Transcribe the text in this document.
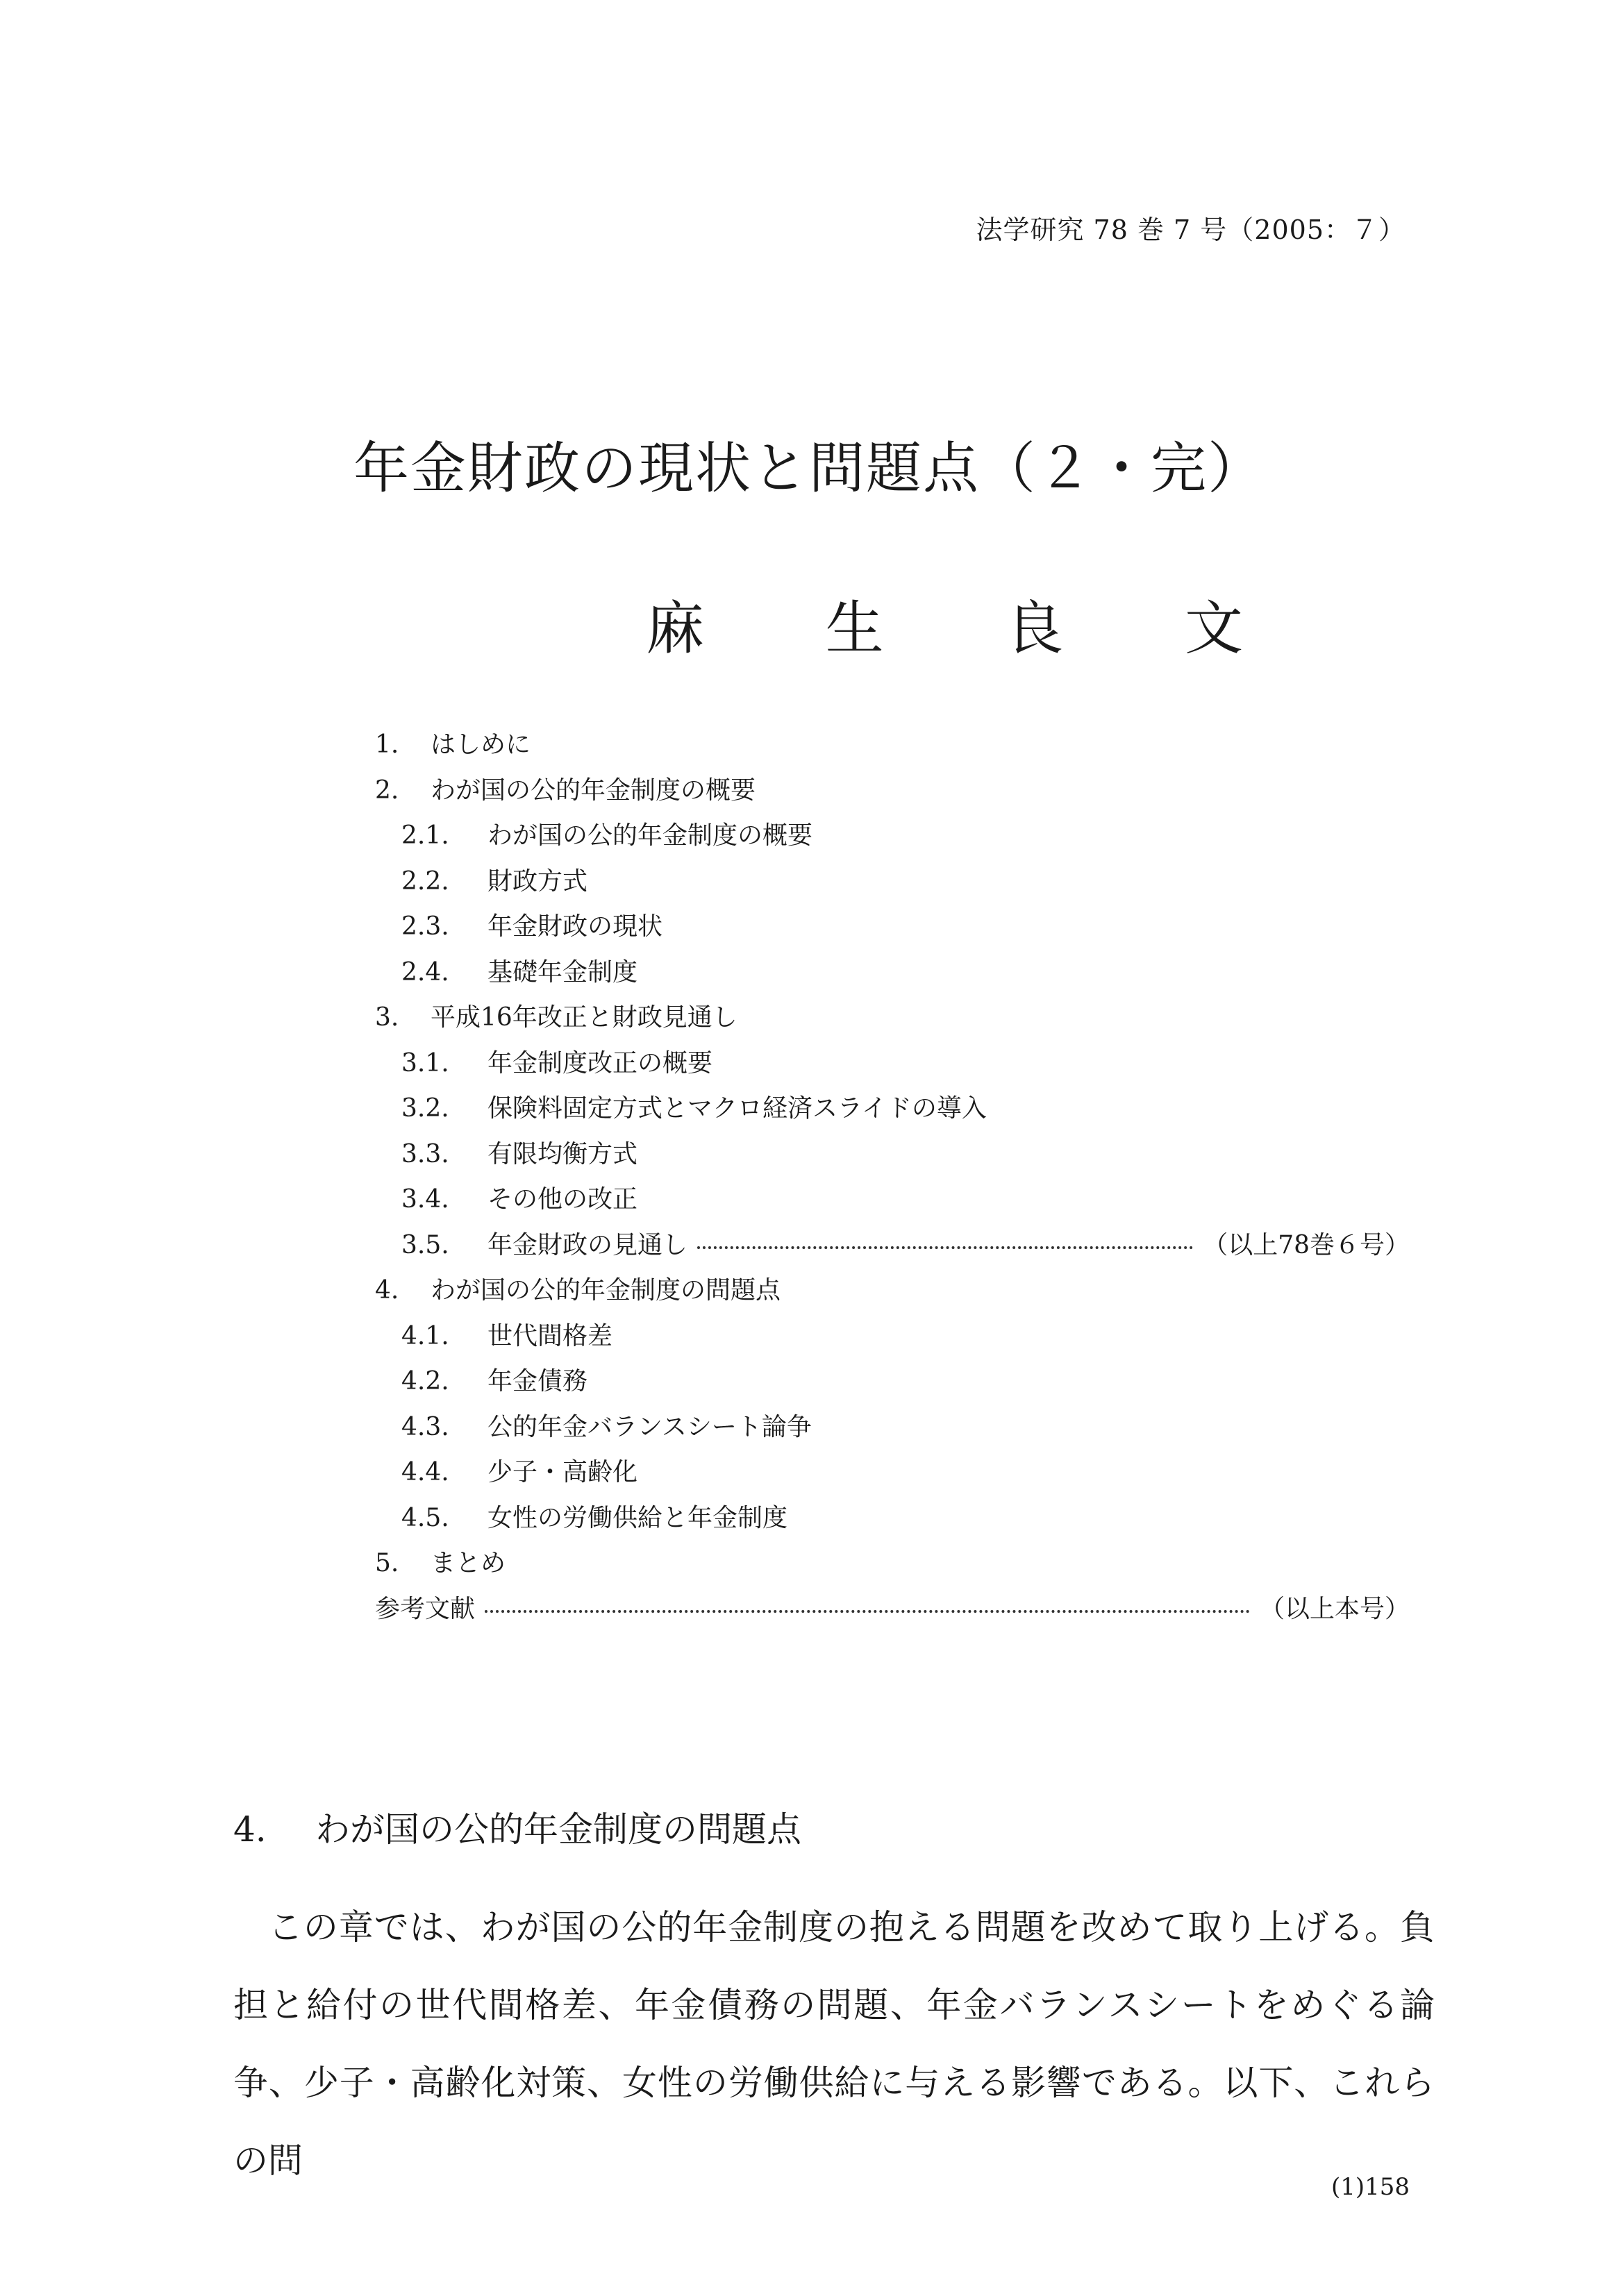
法学研究 78 巻 7 号（2005：７）
年金財政の現状と問題点（２・完）
麻 生 良 文
1.	はしめに
2.	わが国の公的年金制度の概要
2.1.	わが国の公的年金制度の概要
2.2.	財政方式
2.3.	年金財政の現状
2.4.	基礎年金制度
3.	平成16年改正と財政見通し
3.1.	年金制度改正の概要
3.2.	保険料固定方式とマクロ経済スライドの導入
3.3.	有限均衡方式
3.4.	その他の改正
3.5.	年金財政の見通し	（以上78巻６号）
4.	わが国の公的年金制度の問題点
4.1.	世代間格差
4.2.	年金債務
4.3.	公的年金バランスシート論争
4.4.	少子・高齢化
4.5.	女性の労働供給と年金制度
5.	まとめ
参考文献	（以上本号）
4. わが国の公的年金制度の問題点

この章では、わが国の公的年金制度の抱える問題を改めて取り上げる。負担と給付の世代間格差、年金債務の問題、年金バランスシートをめぐる論争、少子・高齢化対策、女性の労働供給に与える影響である。以下、これらの問

(1)158
